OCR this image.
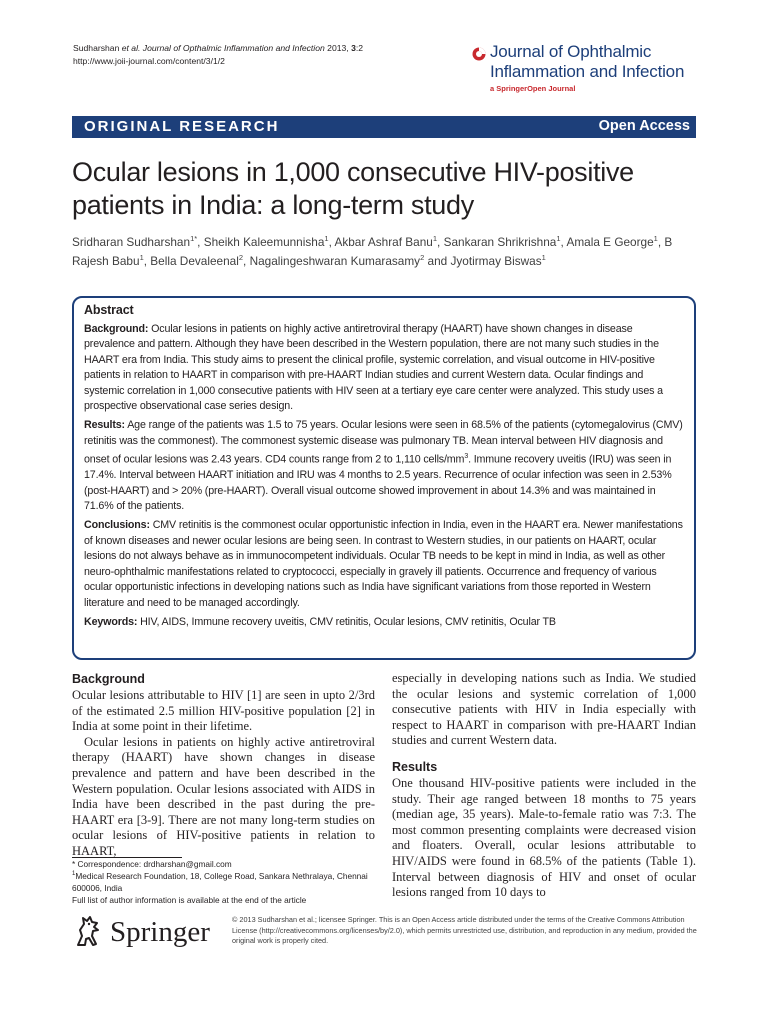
Sudharshan et al. Journal of Opthalmic Inflammation and Infection 2013, 3:2
http://www.joii-journal.com/content/3/1/2	Journal of Ophthalmic Inflammation and Infection
a SpringerOpen Journal
ORIGINAL RESEARCH	Open Access
Ocular lesions in 1,000 consecutive HIV-positive patients in India: a long-term study
Sridharan Sudharshan$^{1*}$, Sheikh Kaleemunnisha$^1$, Akbar Ashraf Banu$^1$, Sankaran Shrikrishna$^1$, Amala E George$^1$, B Rajesh Babu$^1$, Bella Devaleenal$^2$, Nagalingeshwaran Kumarasamy$^2$ and Jyotirmay Biswas$^1$
Abstract

Background: Ocular lesions in patients on highly active antiretroviral therapy (HAART) have shown changes in disease prevalence and pattern. Although they have been described in the Western population, there are not many such studies in the HAART era from India. This study aims to present the clinical profile, systemic correlation, and visual outcome in HIV-positive patients in relation to HAART in comparison with pre-HAART Indian studies and current Western data. Ocular findings and systemic correlation in 1,000 consecutive patients with HIV seen at a tertiary eye care center were analyzed. This study uses a prospective observational case series design.

Results: Age range of the patients was 1.5 to 75 years. Ocular lesions were seen in 68.5% of the patients (cytomegalovirus (CMV) retinitis was the commonest). The commonest systemic disease was pulmonary TB. Mean interval between HIV diagnosis and onset of ocular lesions was 2.43 years. CD4 counts range from 2 to 1,110 cells/$mm^3$. Immune recovery uveitis (IRU) was seen in 17.4%. Interval between HAART initiation and IRU was 4 months to 2.5 years. Recurrence of ocular infection was seen in 2.53% (post-HAART) and > 20% (pre-HAART). Overall visual outcome showed improvement in about 14.3% and was maintained in 71.6% of the patients.

Conclusions: CMV retinitis is the commonest ocular opportunistic infection in India, even in the HAART era. Newer manifestations of known diseases and newer ocular lesions are being seen. In contrast to Western studies, in our patients on HAART, ocular lesions do not always behave as in immunocompetent individuals. Ocular TB needs to be kept in mind in India, as well as other neuro-ophthalmic manifestations related to cryptococci, especially in gravely ill patients. Occurrence and frequency of various ocular opportunistic infections in developing nations such as India have significant variations from those reported in Western literature and need to be managed accordingly.

Keywords: HIV, AIDS, Immune recovery uveitis, CMV retinitis, Ocular lesions, CMV retinitis, Ocular TB

Background

Ocular lesions attributable to HIV [1] are seen in upto 2/3rd of the estimated 2.5 million HIV-positive population [2] in India at some point in their lifetime.

Ocular lesions in patients on highly active antiretroviral therapy (HAART) have shown changes in disease prevalence and pattern and have been described in the Western population. Ocular lesions associated with AIDS in India have been described in the past during the pre-HAART era [3-9]. There are not many long-term studies on ocular lesions of HIV-positive patients in relation to HAART,

especially in developing nations such as India. We studied the ocular lesions and systemic correlation of 1,000 consecutive patients with HIV in India especially with respect to HAART in comparison with pre-HAART Indian studies and current Western data.

Results

One thousand HIV-positive patients were included in the study. Their age ranged between 18 months to 75 years (median age, 35 years). Male-to-female ratio was 7:3. The most common presenting complaints were decreased vision and floaters. Overall, ocular lesions attributable to HIV/AIDS were found in 68.5% of the patients (Table 1). Interval between diagnosis of HIV and onset of ocular lesions ranged from 10 days to

* Correspondence: drdharshan@gmail.com
$^1$Medical Research Foundation, 18, College Road, Sankara Nethralaya, Chennai 600006, India
Full list of author information is available at the end of the article
Springer	© 2013 Sudharshan et al.; licensee Springer. This is an Open Access article distributed under the terms of the Creative Commons Attribution License (http://creativecommons.org/licenses/by/2.0), which permits unrestricted use, distribution, and reproduction in any medium, provided the original work is properly cited.
